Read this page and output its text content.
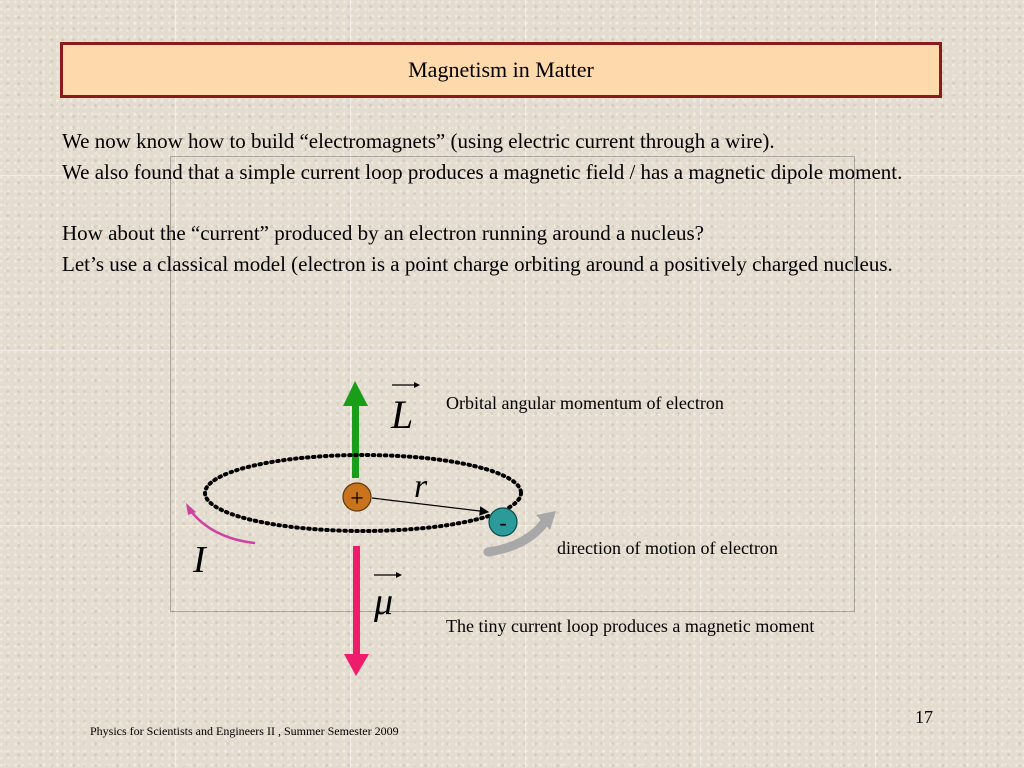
Magnetism in Matter

We now know how to build “electromagnets” (using electric current through a wire).

We also found that a simple current loop produces a magnetic field / has a magnetic dipole moment.

How about the “current” produced by an electron running around a nucleus?

Let’s use a classical model (electron is a point charge orbiting around a positively charged nucleus.

+
-
L
r
I
μ
Orbital angular momentum of electron
direction of motion of electron
The tiny current loop produces a magnetic moment
Physics for Scientists and Engineers II , Summer Semester 2009
17
